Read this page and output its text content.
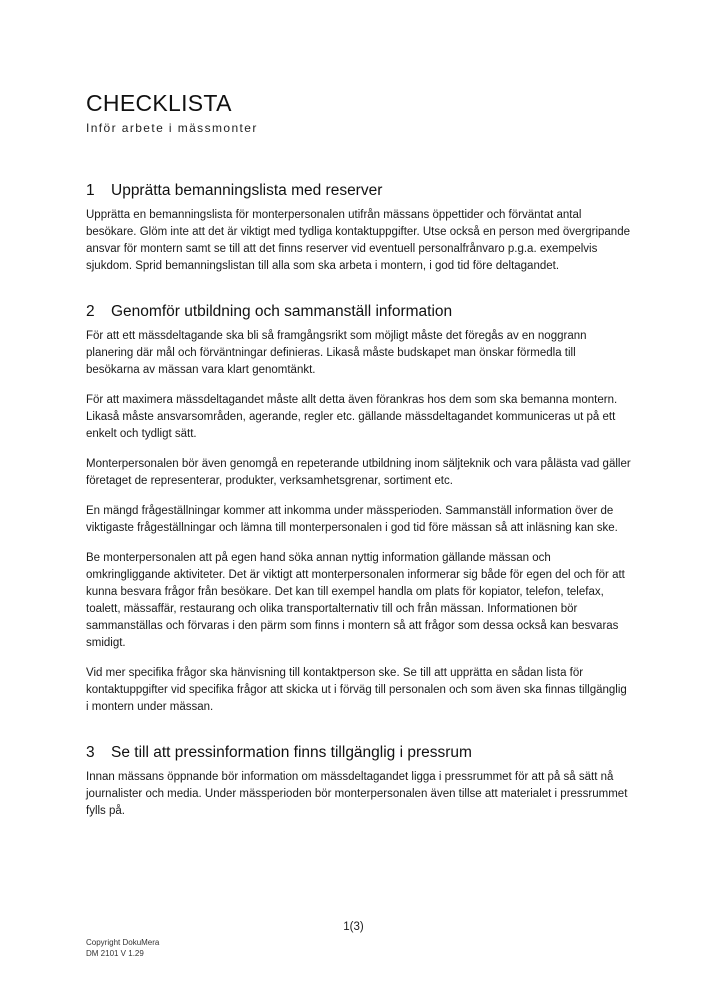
CHECKLISTA
Inför arbete i mässmonter
1	Upprätta bemanningslista med reserver

Upprätta en bemanningslista för monterpersonalen utifrån mässans öppettider och förväntat antal besökare. Glöm inte att det är viktigt med tydliga kontaktuppgifter. Utse också en person med övergripande ansvar för montern samt se till att det finns reserver vid eventuell personalfrånvaro p.g.a. exempelvis sjukdom. Sprid bemanningslistan till alla som ska arbeta i montern, i god tid före deltagandet.

2	Genomför utbildning och sammanställ information

För att ett mässdeltagande ska bli så framgångsrikt som möjligt måste det föregås av en noggrann planering där mål och förväntningar definieras. Likaså måste budskapet man önskar förmedla till besökarna av mässan vara klart genomtänkt.

För att maximera mässdeltagandet måste allt detta även förankras hos dem som ska bemanna montern. Likaså måste ansvarsområden, agerande, regler etc. gällande mässdeltagandet kommuniceras ut på ett enkelt och tydligt sätt.

Monterpersonalen bör även genomgå en repeterande utbildning inom säljteknik och vara pålästa vad gäller företaget de representerar, produkter, verksamhetsgrenar, sortiment etc.

En mängd frågeställningar kommer att inkomma under mässperioden. Sammanställ information över de viktigaste frågeställningar och lämna till monterpersonalen i god tid före mässan så att inläsning kan ske.

Be monterpersonalen att på egen hand söka annan nyttig information gällande mässan och omkringliggande aktiviteter. Det är viktigt att monterpersonalen informerar sig både för egen del och för att kunna besvara frågor från besökare. Det kan till exempel handla om plats för kopiator, telefon, telefax, toalett, mässaffär, restaurang och olika transportalternativ till och från mässan. Informationen bör sammanställas och förvaras i den pärm som finns i montern så att frågor som dessa också kan besvaras smidigt.

Vid mer specifika frågor ska hänvisning till kontaktperson ske. Se till att upprätta en sådan lista för kontaktuppgifter vid specifika frågor att skicka ut i förväg till personalen och som även ska finnas tillgänglig i montern under mässan.

3	Se till att pressinformation finns tillgänglig i pressrum

Innan mässans öppnande bör information om mässdeltagandet ligga i pressrummet för att på så sätt nå journalister och media. Under mässperioden bör monterpersonalen även tillse att materialet i pressrummet fylls på.

1(3)
Copyright DokuMera
DM 2101 V 1.29
